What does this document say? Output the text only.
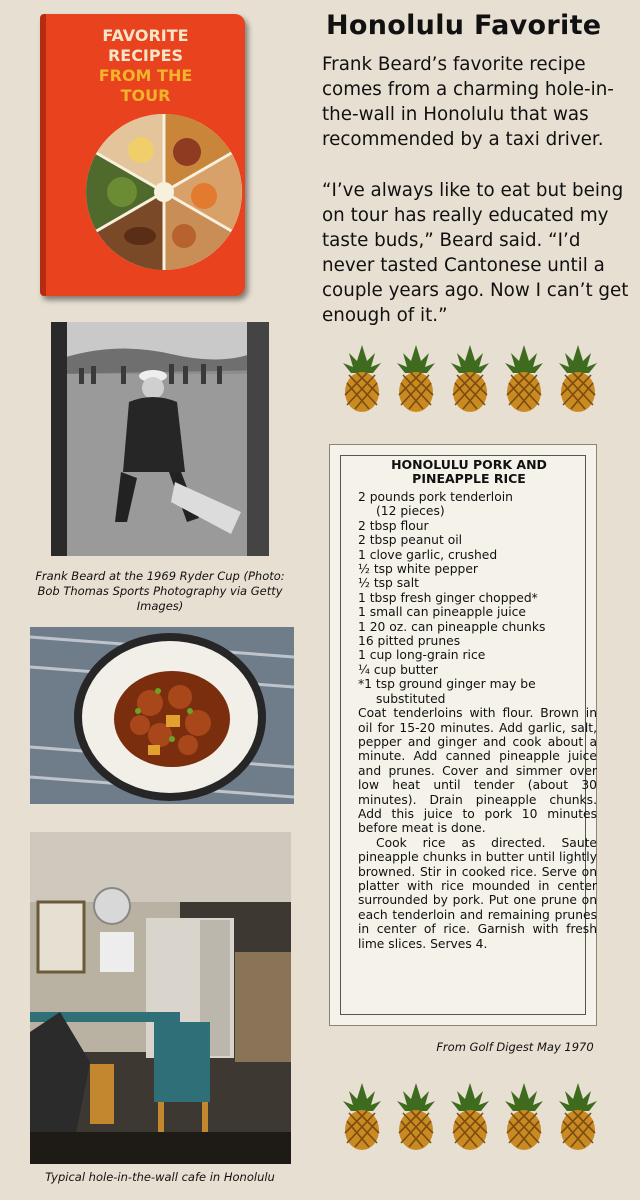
FAVORITE
RECIPES
FROM THE
TOUR
Honolulu Favorite

Frank Beard’s favorite recipe comes from a charming hole-in-the-wall in Honolulu that was recommended by a taxi driver.

“I’ve always like to eat but being on tour has really educated my taste buds,” Beard said. “I’d never tasted Cantonese until a couple years ago. Now I can’t get enough of it.”

Frank Beard at the 1969 Ryder Cup (Photo: Bob Thomas Sports Photography via Getty Images)
Typical hole-in-the-wall cafe in Honolulu
HONOLULU PORK AND
PINEAPPLE RICE
2 pounds pork tenderloin
(12 pieces)
2 tbsp flour
2 tbsp peanut oil
1 clove garlic, crushed
½ tsp white pepper
½ tsp salt
1 tbsp fresh ginger chopped*
1 small can pineapple juice
1 20 oz. can pineapple chunks
16 pitted prunes
1 cup long-grain rice
¼ cup butter
*1 tsp ground ginger may be
substituted

Coat tenderloins with flour. Brown in oil for 15-20 minutes. Add garlic, salt, pepper and ginger and cook about a minute. Add canned pineapple juice and prunes. Cover and simmer over low heat until tender (about 30 minutes). Drain pineapple chunks. Add this juice to pork 10 minutes before meat is done.

Cook rice as directed. Saute pineapple chunks in butter until lightly browned. Stir in cooked rice. Serve on platter with rice mounded in center surrounded by pork. Put one prune on each tenderloin and remaining prunes in center of rice. Garnish with fresh lime slices. Serves 4.

From Golf Digest May 1970
